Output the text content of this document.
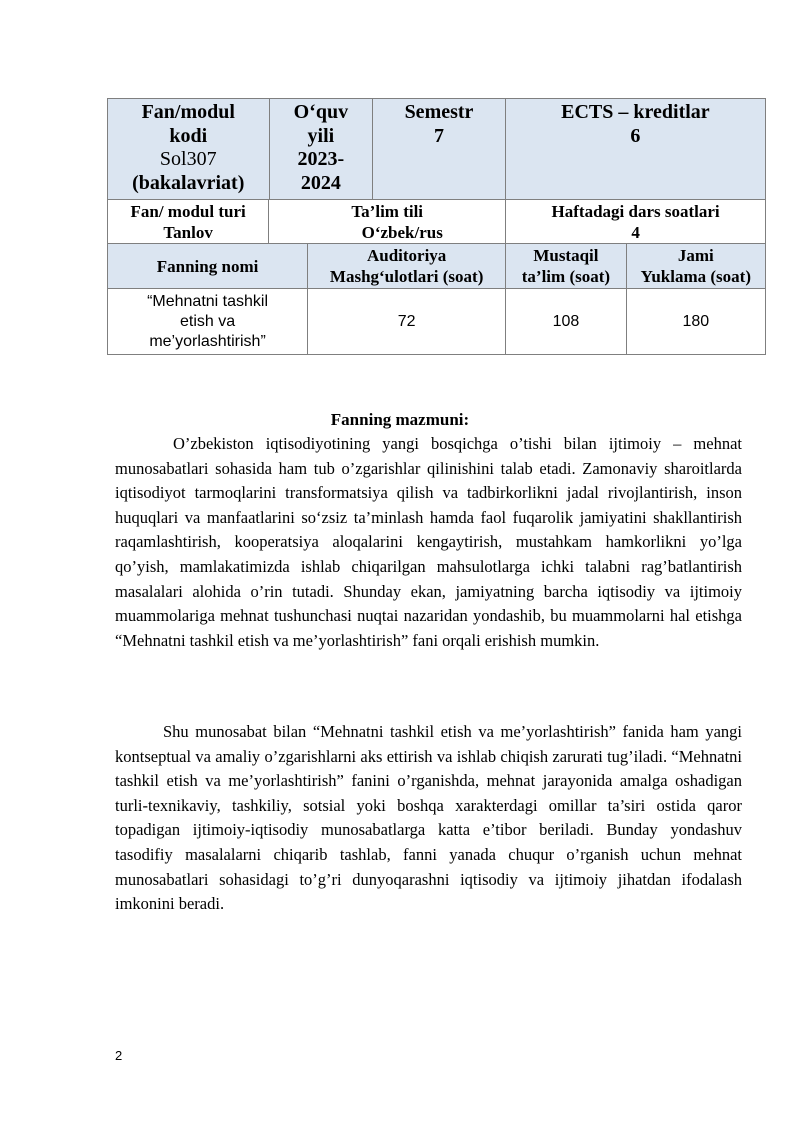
Fan/modul
kodi
Sol307
(bakalavriat)
O‘quv
yili
2023-
2024
Semestr
7
ECTS – kreditlar
6
Fan/ modul turi
Tanlov
Ta’lim tili
O‘zbek/rus
Haftadagi dars soatlari
4
Fanning nomi
Auditoriya
Mashg‘ulotlari (soat)
Mustaqil
ta’lim (soat)
Jami
Yuklama (soat)
“Mehnatni tashkil
etish va
me’yorlashtirish”
72	108	180
Fanning mazmuni:

O’zbekiston iqtisodiyotining yangi bosqichga o’tishi bilan ijtimoiy – mehnat munosabatlari sohasida ham tub o’zgarishlar qilinishini talab etadi. Zamonaviy sharoitlarda iqtisodiyot tarmoqlarini transformatsiya qilish va tadbirkorlikni jadal rivojlantirish, inson huquqlari va manfaatlarini so‘zsiz ta’minlash hamda faol fuqarolik jamiyatini shakllantirish raqamlashtirish, kooperatsiya aloqalarini kengaytirish, mustahkam hamkorlikni yo’lga qo’yish, mamlakatimizda ishlab chiqarilgan mahsulotlarga ichki talabni rag’batlantirish masalalari alohida o’rin tutadi. Shunday ekan, jamiyatning barcha iqtisodiy va ijtimoiy muammolariga mehnat tushunchasi nuqtai nazaridan yondashib, bu muammolarni hal etishga “Mehnatni tashkil etish va me’yorlashtirish” fani orqali erishish mumkin.

Shu munosabat bilan “Mehnatni tashkil etish va me’yorlashtirish” fanida ham yangi kontseptual va amaliy o’zgarishlarni aks ettirish va ishlab chiqish zarurati tug’iladi. “Mehnatni tashkil etish va me’yorlashtirish” fanini o’rganishda, mehnat jarayonida amalga oshadigan turli-texnikaviy, tashkiliy, sotsial yoki boshqa xarakterdagi omillar ta’siri ostida qaror topadigan ijtimoiy-iqtisodiy munosabatlarga katta e’tibor beriladi. Bunday yondashuv tasodifiy masalalarni chiqarib tashlab, fanni yanada chuqur o’rganish uchun mehnat munosabatlari sohasidagi to’g’ri dunyoqarashni iqtisodiy va ijtimoiy jihatdan ifodalash imkonini beradi.

2
